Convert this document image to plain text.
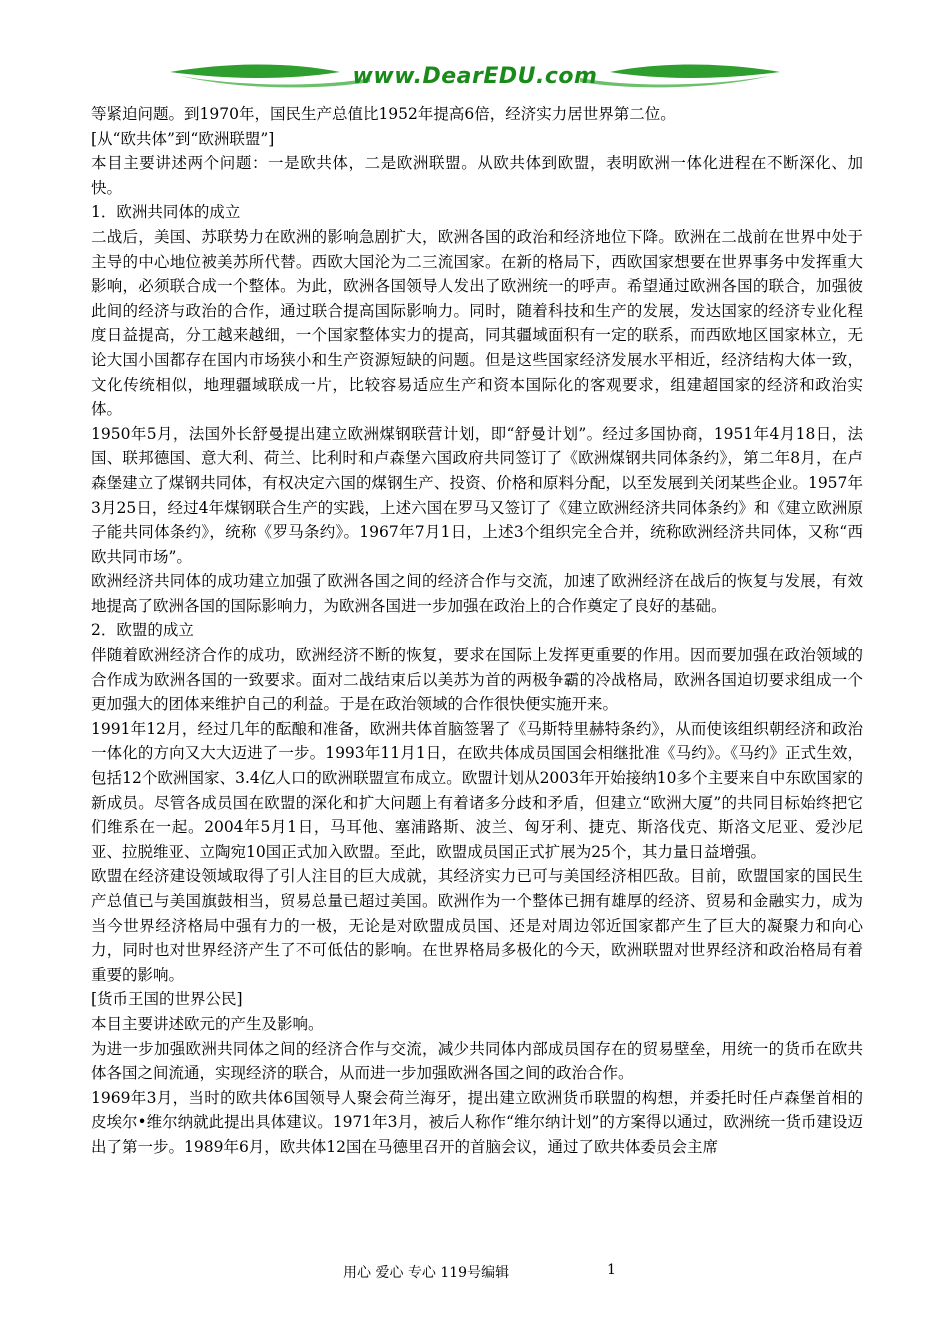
www.DearEDU.com

等紧迫问题。到1970年，国民生产总值比1952年提高6倍，经济实力居世界第二位。

[从“欧共体”到“欧洲联盟”]

本目主要讲述两个问题：一是欧共体，二是欧洲联盟。从欧共体到欧盟，表明欧洲一体化进程在不断深化、加快。

1．欧洲共同体的成立

二战后，美国、苏联势力在欧洲的影响急剧扩大，欧洲各国的政治和经济地位下降。欧洲在二战前在世界中处于主导的中心地位被美苏所代替。西欧大国沦为二三流国家。在新的格局下，西欧国家想要在世界事务中发挥重大影响，必须联合成一个整体。为此，欧洲各国领导人发出了欧洲统一的呼声。希望通过欧洲各国的联合，加强彼此间的经济与政治的合作，通过联合提高国际影响力。同时，随着科技和生产的发展，发达国家的经济专业化程度日益提高，分工越来越细，一个国家整体实力的提高，同其疆域面积有一定的联系，而西欧地区国家林立，无论大国小国都存在国内市场狭小和生产资源短缺的问题。但是这些国家经济发展水平相近，经济结构大体一致，文化传统相似，地理疆域联成一片，比较容易适应生产和资本国际化的客观要求，组建超国家的经济和政治实体。

1950年5月，法国外长舒曼提出建立欧洲煤钢联营计划，即“舒曼计划”。经过多国协商，1951年4月18日，法国、联邦德国、意大利、荷兰、比利时和卢森堡六国政府共同签订了《欧洲煤钢共同体条约》，第二年8月，在卢森堡建立了煤钢共同体，有权决定六国的煤钢生产、投资、价格和原料分配，以至发展到关闭某些企业。1957年3月25日，经过4年煤钢联合生产的实践，上述六国在罗马又签订了《建立欧洲经济共同体条约》和《建立欧洲原子能共同体条约》，统称《罗马条约》。1967年7月1日，上述3个组织完全合并，统称欧洲经济共同体，又称“西欧共同市场”。

欧洲经济共同体的成功建立加强了欧洲各国之间的经济合作与交流，加速了欧洲经济在战后的恢复与发展，有效地提高了欧洲各国的国际影响力，为欧洲各国进一步加强在政治上的合作奠定了良好的基础。

2．欧盟的成立

伴随着欧洲经济合作的成功，欧洲经济不断的恢复，要求在国际上发挥更重要的作用。因而要加强在政治领域的合作成为欧洲各国的一致要求。面对二战结束后以美苏为首的两极争霸的冷战格局，欧洲各国迫切要求组成一个更加强大的团体来维护自己的利益。于是在政治领域的合作很快便实施开来。

1991年12月，经过几年的酝酿和准备，欧洲共体首脑签署了《马斯特里赫特条约》，从而使该组织朝经济和政治一体化的方向又大大迈进了一步。1993年11月1日，在欧共体成员国国会相继批准《马约》。《马约》正式生效，包括12个欧洲国家、3.4亿人口的欧洲联盟宣布成立。欧盟计划从2003年开始接纳10多个主要来自中东欧国家的新成员。尽管各成员国在欧盟的深化和扩大问题上有着诸多分歧和矛盾，但建立“欧洲大厦”的共同目标始终把它们维系在一起。2004年5月1日，马耳他、塞浦路斯、波兰、匈牙利、捷克、斯洛伐克、斯洛文尼亚、爱沙尼亚、拉脱维亚、立陶宛10国正式加入欧盟。至此，欧盟成员国正式扩展为25个，其力量日益增强。

欧盟在经济建设领域取得了引人注目的巨大成就，其经济实力已可与美国经济相匹敌。目前，欧盟国家的国民生产总值已与美国旗鼓相当，贸易总量已超过美国。欧洲作为一个整体已拥有雄厚的经济、贸易和金融实力，成为当今世界经济格局中强有力的一极，无论是对欧盟成员国、还是对周边邻近国家都产生了巨大的凝聚力和向心力，同时也对世界经济产生了不可低估的影响。在世界格局多极化的今天，欧洲联盟对世界经济和政治格局有着重要的影响。

[货币王国的世界公民]

本目主要讲述欧元的产生及影响。

为进一步加强欧洲共同体之间的经济合作与交流，减少共同体内部成员国存在的贸易壁垒，用统一的货币在欧共体各国之间流通，实现经济的联合，从而进一步加强欧洲各国之间的政治合作。

1969年3月，当时的欧共体6国领导人聚会荷兰海牙，提出建立欧洲货币联盟的构想，并委托时任卢森堡首相的皮埃尔•维尔纳就此提出具体建议。1971年3月，被后人称作“维尔纳计划”的方案得以通过，欧洲统一货币建设迈出了第一步。1989年6月，欧共体12国在马德里召开的首脑会议，通过了欧共体委员会主席

用心 爱心 专心 119号编辑	1
